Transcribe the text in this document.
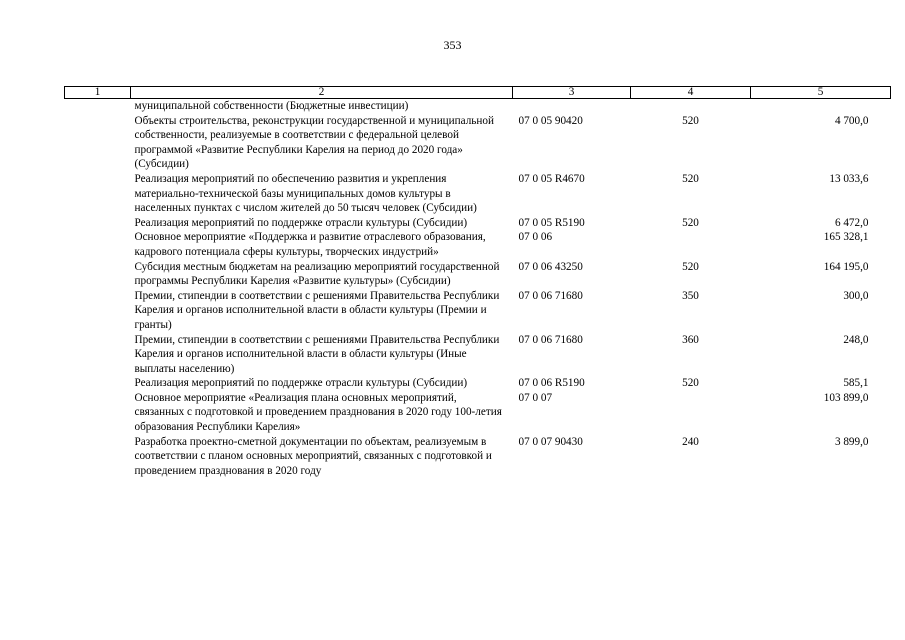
353
1	2	3	4	5
	муниципальной собственности (Бюджетные инвестиции)			
	Объекты строительства, реконструкции государственной и муниципальной собственности, реализуемые в соответствии с федеральной целевой программой «Развитие Республики Карелия на период до 2020 года» (Субсидии)	07 0 05 90420	520	4 700,0
	Реализация мероприятий по обеспечению развития и укрепления материально-технической базы муниципальных домов культуры в населенных пунктах с числом жителей до 50 тысяч человек (Субсидии)	07 0 05 R4670	520	13 033,6
	Реализация мероприятий по поддержке отрасли культуры (Субсидии)	07 0 05 R5190	520	6 472,0
	Основное мероприятие «Поддержка и развитие отраслевого образования, кадрового потенциала сферы культуры, творческих индустрий»	07 0 06		165 328,1
	Субсидия местным бюджетам на реализацию мероприятий государственной программы Республики Карелия «Развитие культуры» (Субсидии)	07 0 06 43250	520	164 195,0
	Премии, стипендии в соответствии с решениями Правительства Республики Карелия и органов исполнительной власти в области культуры (Премии и гранты)	07 0 06 71680	350	300,0
	Премии, стипендии в соответствии с решениями Правительства Республики Карелия и органов исполнительной власти в области культуры (Иные выплаты населению)	07 0 06 71680	360	248,0
	Реализация мероприятий по поддержке отрасли культуры (Субсидии)	07 0 06 R5190	520	585,1
	Основное мероприятие «Реализация плана основных мероприятий, связанных с подготовкой и проведением празднования в 2020 году 100-летия образования Республики Карелия»	07 0 07		103 899,0
	Разработка проектно-сметной документации по объектам, реализуемым в соответствии с планом основных мероприятий, связанных с подготовкой и проведением празднования в 2020 году	07 0 07 90430	240	3 899,0
